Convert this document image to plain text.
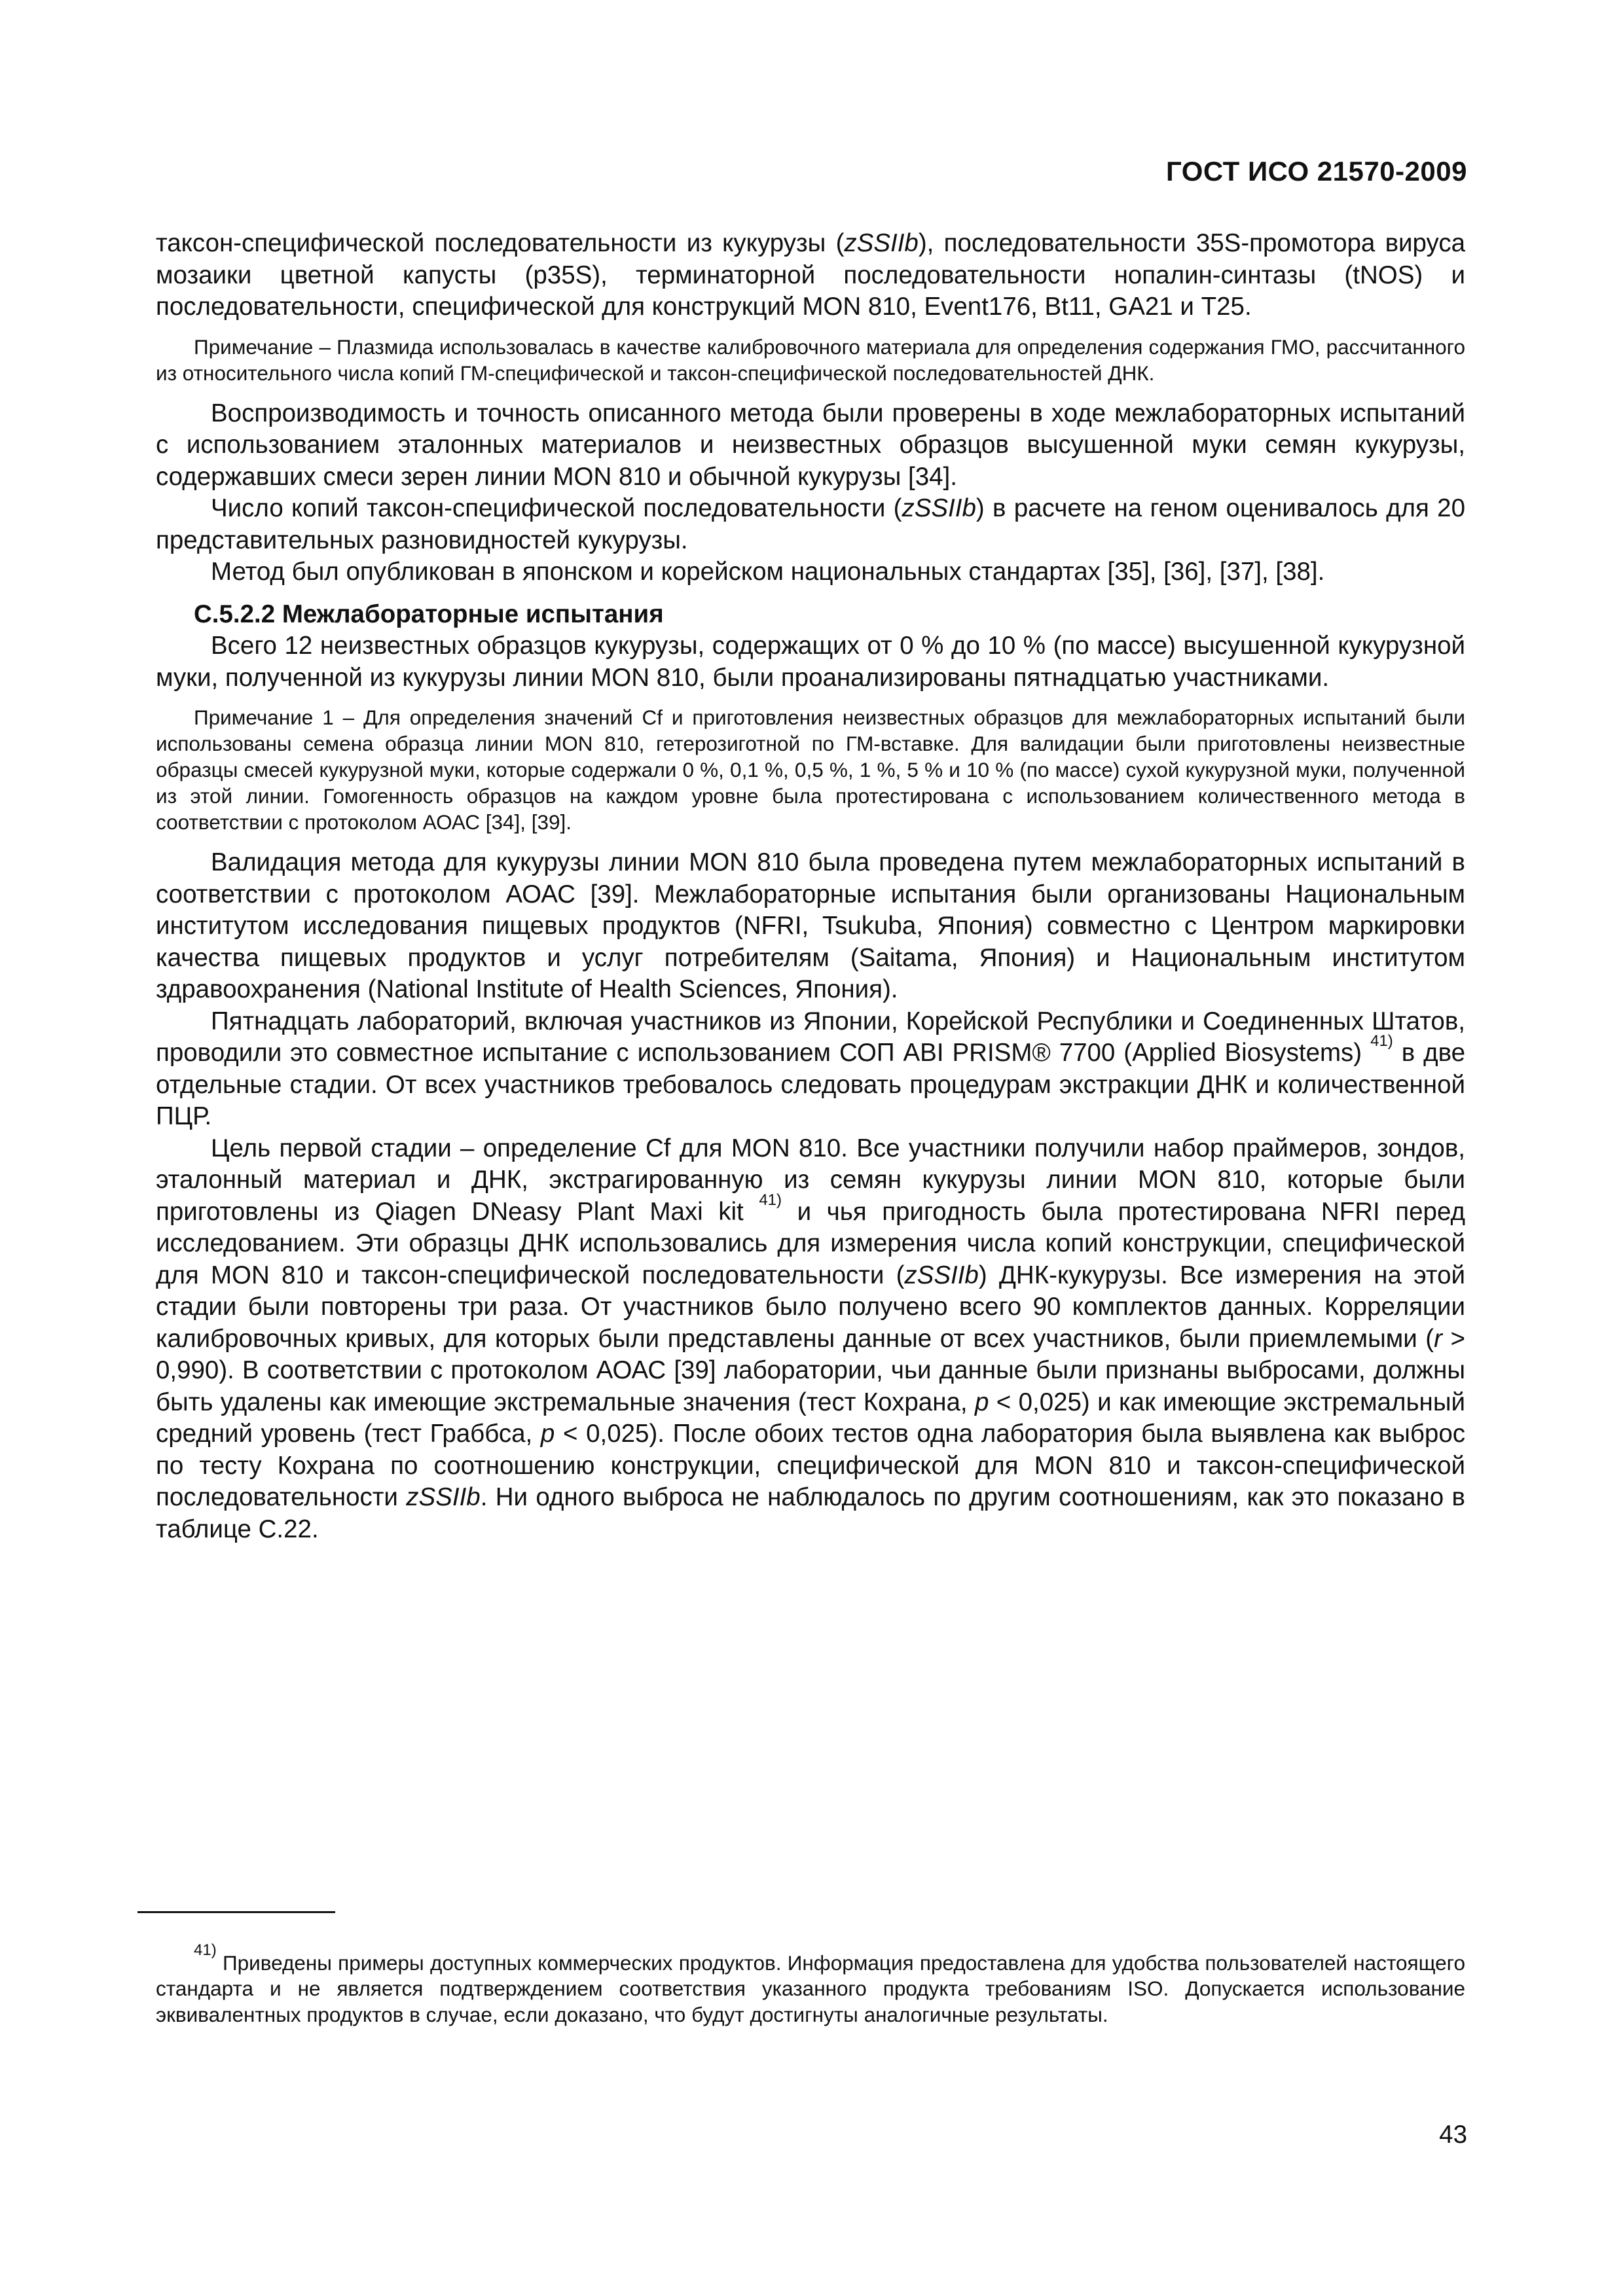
ГОСТ ИСО 21570-2009

таксон-специфической последовательности из кукурузы (zSSIIb), последовательности 35S-промотора вируса мозаики цветной капусты (р35S), терминаторной последовательности нопалин-синтазы (tNOS) и последовательности, специфической для конструкций MON 810, Event176, Bt11, GA21 и Т25.

Примечание – Плазмида использовалась в качестве калибровочного материала для определения содержания ГМО, рассчитанного из относительного числа копий ГМ-специфической и таксон-специфической последовательностей ДНК.

Воспроизводимость и точность описанного метода были проверены в ходе межлабораторных испытаний с использованием эталонных материалов и неизвестных образцов высушенной муки семян кукурузы, содержавших смеси зерен линии MON 810 и обычной кукурузы [34].

Число копий таксон-специфической последовательности (zSSIIb) в расчете на геном оценивалось для 20 представительных разновидностей кукурузы.

Метод был опубликован в японском и корейском национальных стандартах [35], [36], [37], [38].

С.5.2.2 Межлабораторные испытания

Всего 12 неизвестных образцов кукурузы, содержащих от 0 % до 10 % (по массе) высушенной кукурузной муки, полученной из кукурузы линии MON 810, были проанализированы пятнадцатью участниками.

Примечание 1 – Для определения значений Cf и приготовления неизвестных образцов для межлабораторных испытаний были использованы семена образца линии MON 810, гетерозиготной по ГМ-вставке. Для валидации были приготовлены неизвестные образцы смесей кукурузной муки, которые содержали 0 %, 0,1 %, 0,5 %, 1 %, 5 % и 10 % (по массе) сухой кукурузной муки, полученной из этой линии. Гомогенность образцов на каждом уровне была протестирована с использованием количественного метода в соответствии с протоколом АОАС [34], [39].

Валидация метода для кукурузы линии MON 810 была проведена путем межлабораторных испытаний в соответствии с протоколом АОАС [39]. Межлабораторные испытания были организованы Национальным институтом исследования пищевых продуктов (NFRI, Tsukuba, Япония) совместно с Центром маркировки качества пищевых продуктов и услуг потребителям (Saitama, Япония) и Национальным институтом здравоохранения (National Institute of Health Sciences, Япония).

Пятнадцать лабораторий, включая участников из Японии, Корейской Республики и Соединенных Штатов, проводили это совместное испытание с использованием СОП ABI PRISM® 7700 (Applied Biosystems) $^{41)}$ в две отдельные стадии. От всех участников требовалось следовать процедурам экстракции ДНК и количественной ПЦР.

Цель первой стадии – определение Cf для MON 810. Все участники получили набор праймеров, зондов, эталонный материал и ДНК, экстрагированную из семян кукурузы линии MON 810, которые были приготовлены из Qiagen DNeasy Plant Maxi kit $^{41)}$ и чья пригодность была протестирована NFRI перед исследованием. Эти образцы ДНК использовались для измерения числа копий конструкции, специфической для MON 810 и таксон-специфической последовательности (zSSIIb) ДНК-кукурузы. Все измерения на этой стадии были повторены три раза. От участников было получено всего 90 комплектов данных. Корреляции калибровочных кривых, для которых были представлены данные от всех участников, были приемлемыми (r > 0,990). В соответствии с протоколом АОАС [39] лаборатории, чьи данные были признаны выбросами, должны быть удалены как имеющие экстремальные значения (тест Кохрана, p < 0,025) и как имеющие экстремальный средний уровень (тест Граббса, p < 0,025). После обоих тестов одна лаборатория была выявлена как выброс по тесту Кохрана по соотношению конструкции, специфической для MON 810 и таксон-специфической последовательности zSSIIb. Ни одного выброса не наблюдалось по другим соотношениям, как это показано в таблице С.22.

$^{41)}$ Приведены примеры доступных коммерческих продуктов. Информация предоставлена для удобства пользователей настоящего стандарта и не является подтверждением соответствия указанного продукта требованиям ISO. Допускается использование эквивалентных продуктов в случае, если доказано, что будут достигнуты аналогичные результаты.

43
